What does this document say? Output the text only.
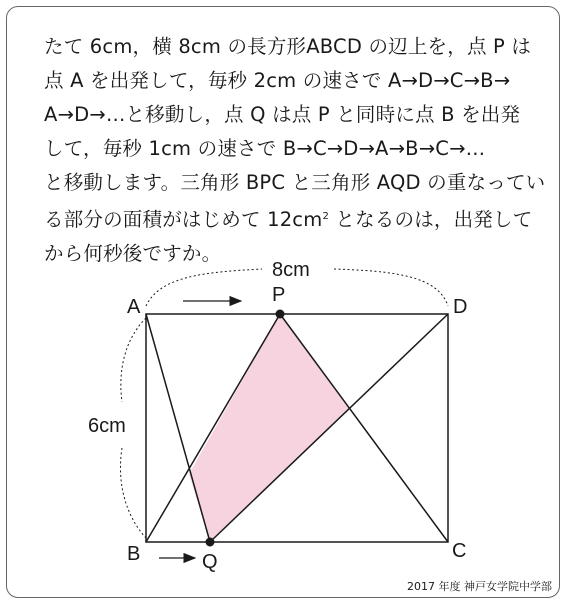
たて 6cm，横 8cm の長方形ABCD の辺上を，点 P は
点 A を出発して，毎秒 2cm の速さで A→D→C→B→
A→D→…と移動し，点 Q は点 P と同時に点 B を出発
して，毎秒 1cm の速さで B→C→D→A→B→C→…
と移動します。三角形 BPC と三角形 AQD の重なってい
る部分の面積がはじめて $12cm^2$ となるのは，出発して
から何秒後ですか。
A	D
B	C
P
Q
8cm
6cm
2017 年度 神戸女学院中学部
